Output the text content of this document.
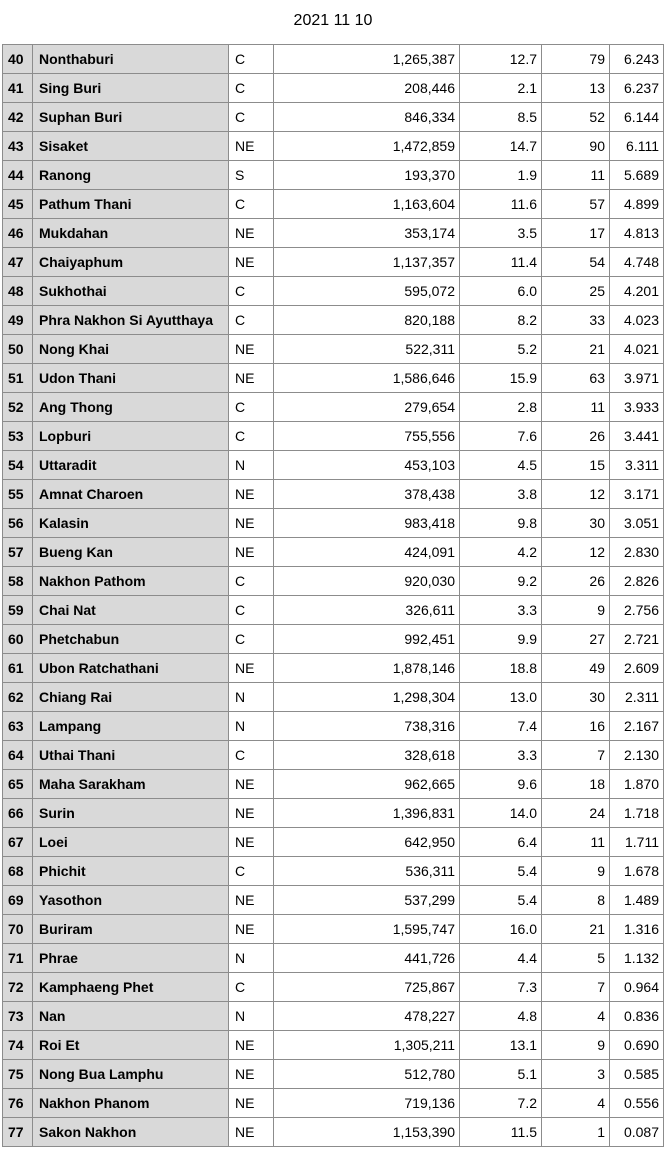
2021 11 10
40	Nonthaburi	C	1,265,387	12.7	79	6.243
41	Sing Buri	C	208,446	2.1	13	6.237
42	Suphan Buri	C	846,334	8.5	52	6.144
43	Sisaket	NE	1,472,859	14.7	90	6.111
44	Ranong	S	193,370	1.9	11	5.689
45	Pathum Thani	C	1,163,604	11.6	57	4.899
46	Mukdahan	NE	353,174	3.5	17	4.813
47	Chaiyaphum	NE	1,137,357	11.4	54	4.748
48	Sukhothai	C	595,072	6.0	25	4.201
49	Phra Nakhon Si Ayutthaya	C	820,188	8.2	33	4.023
50	Nong Khai	NE	522,311	5.2	21	4.021
51	Udon Thani	NE	1,586,646	15.9	63	3.971
52	Ang Thong	C	279,654	2.8	11	3.933
53	Lopburi	C	755,556	7.6	26	3.441
54	Uttaradit	N	453,103	4.5	15	3.311
55	Amnat Charoen	NE	378,438	3.8	12	3.171
56	Kalasin	NE	983,418	9.8	30	3.051
57	Bueng Kan	NE	424,091	4.2	12	2.830
58	Nakhon Pathom	C	920,030	9.2	26	2.826
59	Chai Nat	C	326,611	3.3	9	2.756
60	Phetchabun	C	992,451	9.9	27	2.721
61	Ubon Ratchathani	NE	1,878,146	18.8	49	2.609
62	Chiang Rai	N	1,298,304	13.0	30	2.311
63	Lampang	N	738,316	7.4	16	2.167
64	Uthai Thani	C	328,618	3.3	7	2.130
65	Maha Sarakham	NE	962,665	9.6	18	1.870
66	Surin	NE	1,396,831	14.0	24	1.718
67	Loei	NE	642,950	6.4	11	1.711
68	Phichit	C	536,311	5.4	9	1.678
69	Yasothon	NE	537,299	5.4	8	1.489
70	Buriram	NE	1,595,747	16.0	21	1.316
71	Phrae	N	441,726	4.4	5	1.132
72	Kamphaeng Phet	C	725,867	7.3	7	0.964
73	Nan	N	478,227	4.8	4	0.836
74	Roi Et	NE	1,305,211	13.1	9	0.690
75	Nong Bua Lamphu	NE	512,780	5.1	3	0.585
76	Nakhon Phanom	NE	719,136	7.2	4	0.556
77	Sakon Nakhon	NE	1,153,390	11.5	1	0.087
